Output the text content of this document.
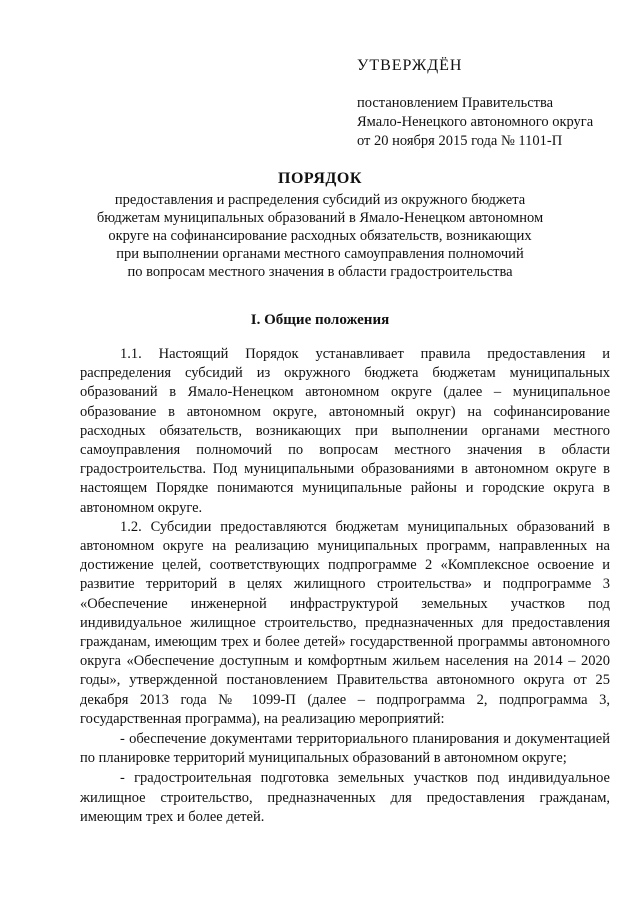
УТВЕРЖДЁН
постановлением Правительства
Ямало-Ненецкого автономного округа
от 20 ноября 2015 года № 1101-П
ПОРЯДОК
предоставления и распределения субсидий из окружного бюджета
бюджетам муниципальных образований в Ямало-Ненецком автономном
округе на софинансирование расходных обязательств, возникающих
при выполнении органами местного самоуправления полномочий
по вопросам местного значения в области градостроительства
I. Общие положения

1.1. Настоящий Порядок устанавливает правила предоставления и распределения субсидий из окружного бюджета бюджетам муниципальных образований в Ямало-Ненецком автономном округе (далее – муниципальное образование в автономном округе, автономный округ) на софинансирование расходных обязательств, возникающих при выполнении органами местного самоуправления полномочий по вопросам местного значения в области градостроительства. Под муниципальными образованиями в автономном округе в настоящем Порядке понимаются муниципальные районы и городские округа в автономном округе.

1.2. Субсидии предоставляются бюджетам муниципальных образований в автономном округе на реализацию муниципальных программ, направленных на достижение целей, соответствующих подпрограмме 2 «Комплексное освоение и развитие территорий в целях жилищного строительства» и подпрограмме 3 «Обеспечение инженерной инфраструктурой земельных участков под индивидуальное жилищное строительство, предназначенных для предоставления гражданам, имеющим трех и более детей» государственной программы автономного округа «Обеспечение доступным и комфортным жильем населения на 2014 – 2020 годы», утвержденной постановлением Правительства автономного округа от 25 декабря 2013 года № 1099-П (далее – подпрограмма 2, подпрограмма 3, государственная программа), на реализацию мероприятий:

- обеспечение документами территориального планирования и документацией по планировке территорий муниципальных образований в автономном округе;

- градостроительная подготовка земельных участков под индивидуальное жилищное строительство, предназначенных для предоставления гражданам, имеющим трех и более детей.
